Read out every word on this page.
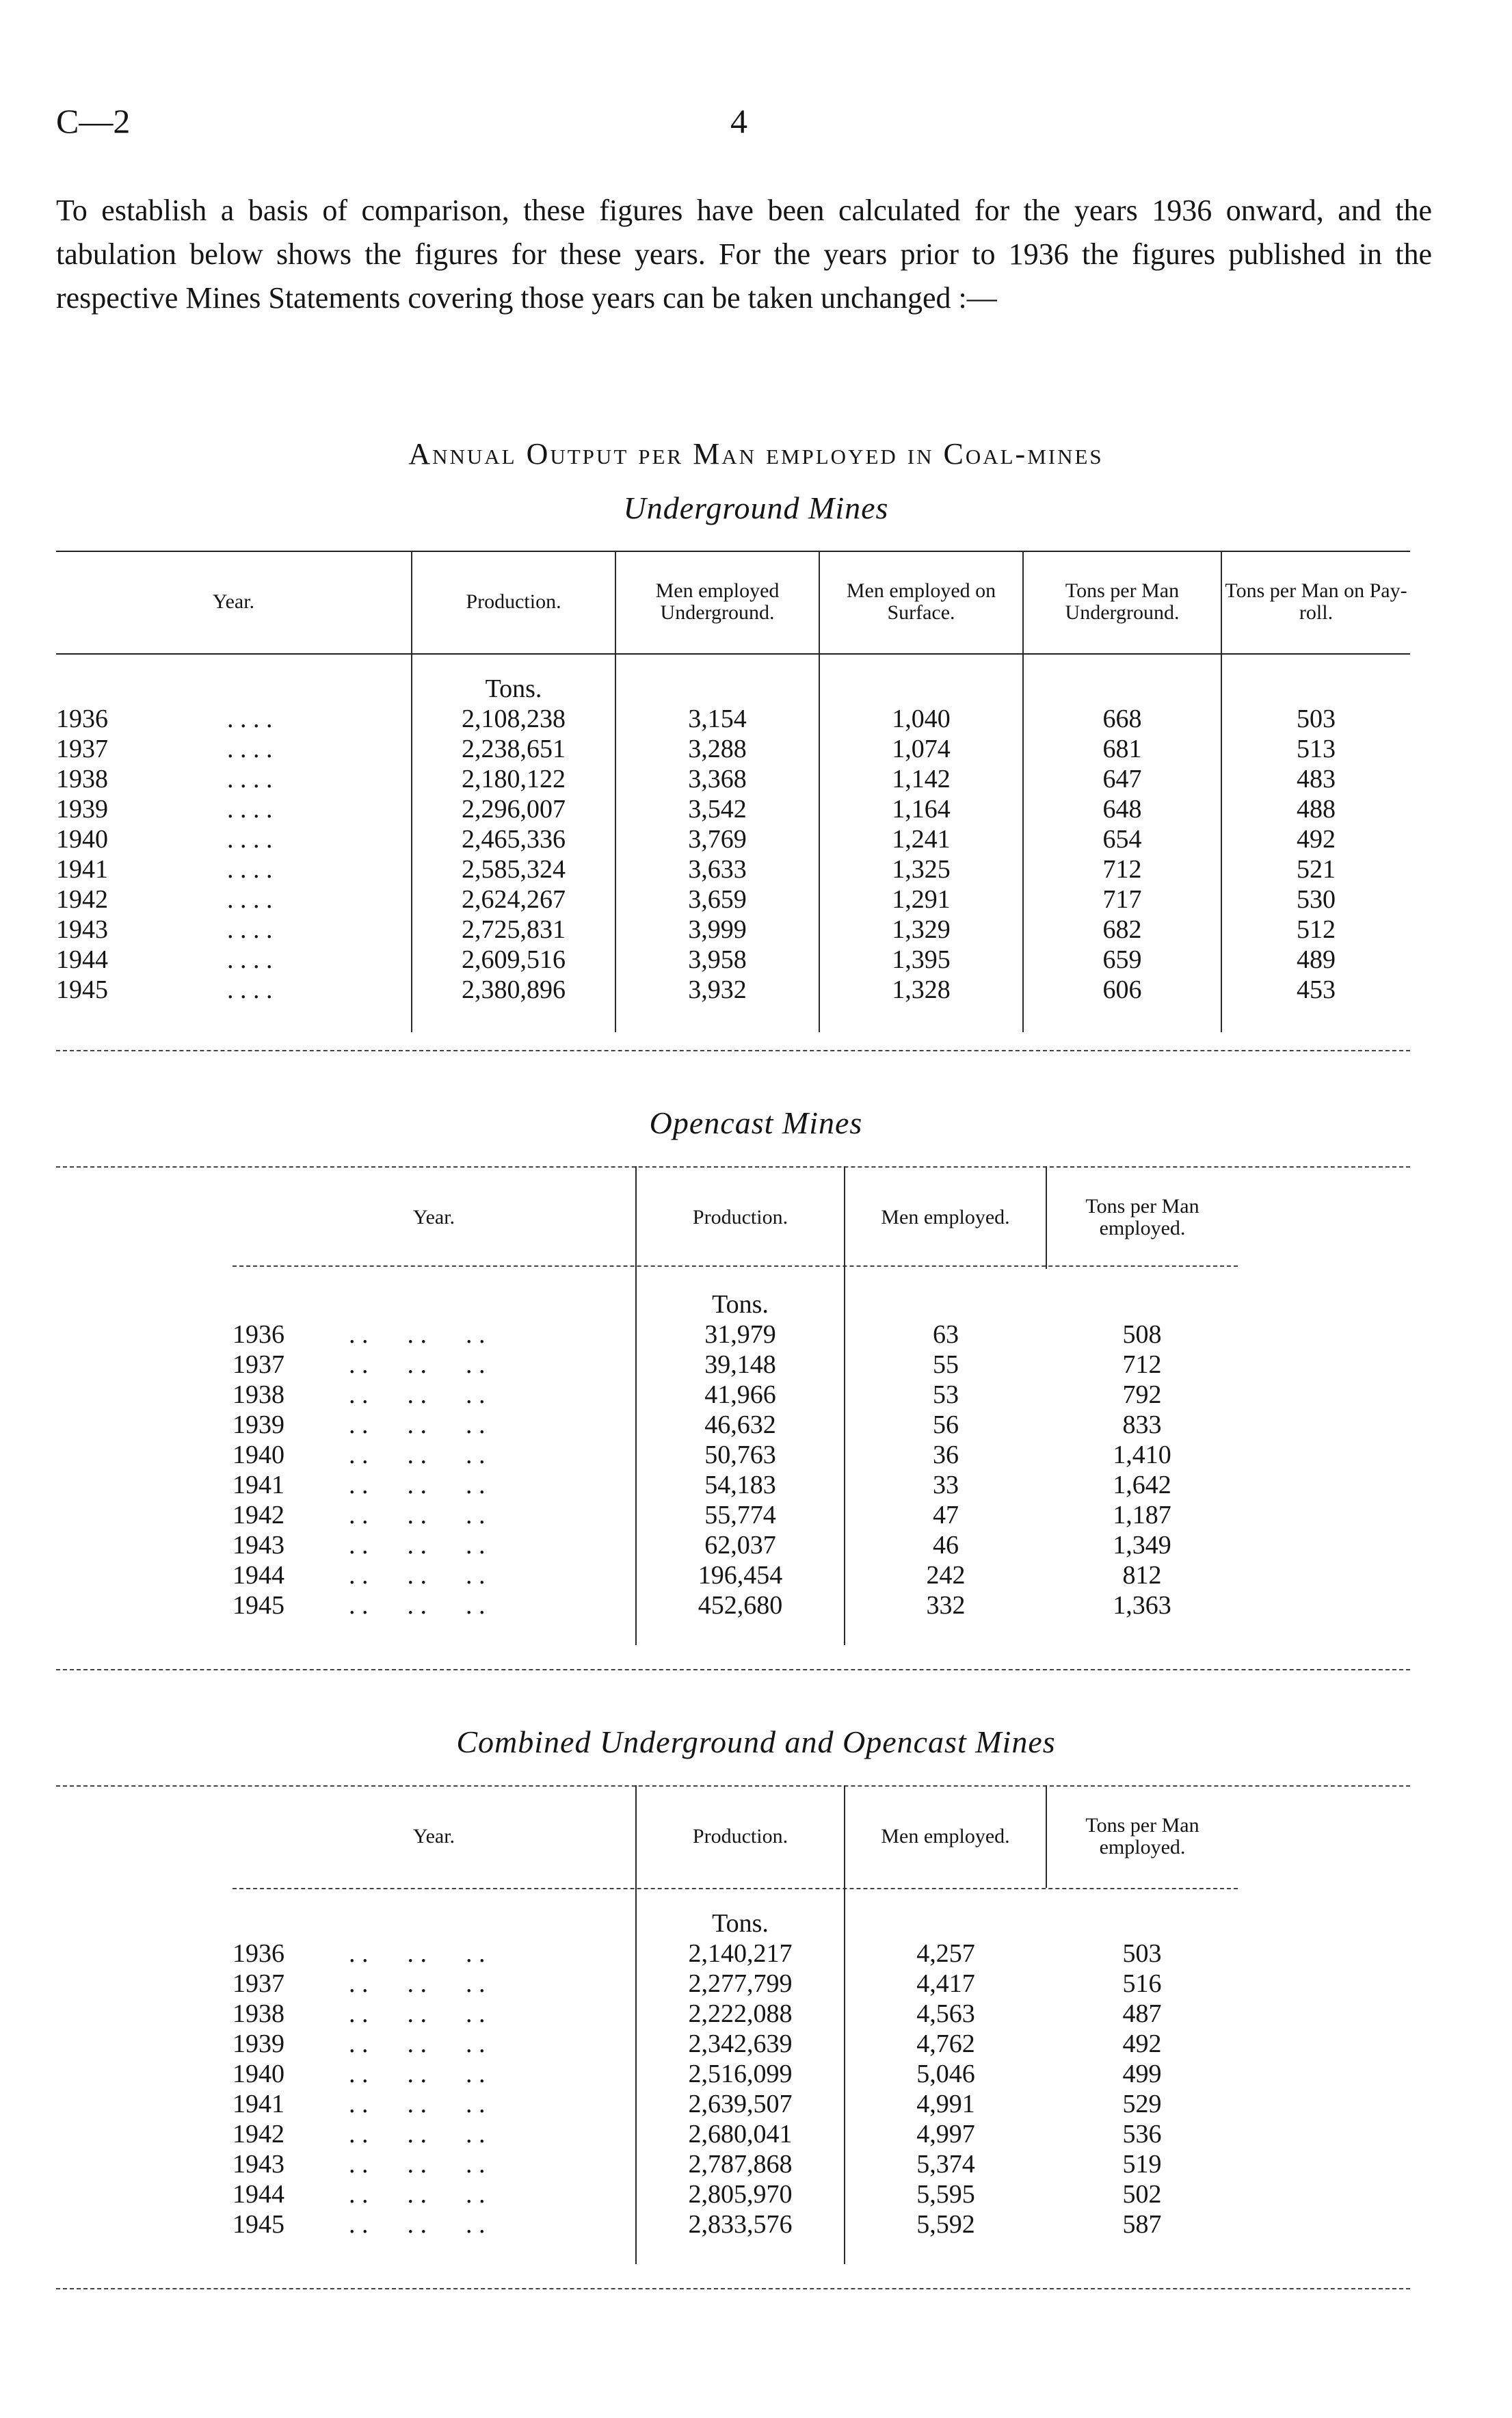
C—2	4
To establish a basis of comparison, these figures have been calculated for the years 1936 onward, and the tabulation below shows the figures for these years. For the years prior to 1936 the figures published in the respective Mines Statements covering those years can be taken unchanged :—
Annual Output per Man employed in Coal-mines
Underground Mines
Year.	Production.	Men employed Underground.	Men employed on Surface.	Tons per Man Underground.	Tons per Man on Pay-roll.
	Tons.				
1936 . . . .	2,108,238	3,154	1,040	668	503
1937 . . . .	2,238,651	3,288	1,074	681	513
1938 . . . .	2,180,122	3,368	1,142	647	483
1939 . . . .	2,296,007	3,542	1,164	648	488
1940 . . . .	2,465,336	3,769	1,241	654	492
1941 . . . .	2,585,324	3,633	1,325	712	521
1942 . . . .	2,624,267	3,659	1,291	717	530
1943 . . . .	2,725,831	3,999	1,329	682	512
1944 . . . .	2,609,516	3,958	1,395	659	489
1945 . . . .	2,380,896	3,932	1,328	606	453

Opencast Mines
Year.	Production.	Men employed.	Tons per Man employed.
	Tons.		
1936 . .      . .      . .	31,979	63	508
1937 . .      . .      . .	39,148	55	712
1938 . .      . .      . .	41,966	53	792
1939 . .      . .      . .	46,632	56	833
1940 . .      . .      . .	50,763	36	1,410
1941 . .      . .      . .	54,183	33	1,642
1942 . .      . .      . .	55,774	47	1,187
1943 . .      . .      . .	62,037	46	1,349
1944 . .      . .      . .	196,454	242	812
1945 . .      . .      . .	452,680	332	1,363

Combined Underground and Opencast Mines
Year.	Production.	Men employed.	Tons per Man employed.
	Tons.		
1936 . .      . .      . .	2,140,217	4,257	503
1937 . .      . .      . .	2,277,799	4,417	516
1938 . .      . .      . .	2,222,088	4,563	487
1939 . .      . .      . .	2,342,639	4,762	492
1940 . .      . .      . .	2,516,099	5,046	499
1941 . .      . .      . .	2,639,507	4,991	529
1942 . .      . .      . .	2,680,041	4,997	536
1943 . .      . .      . .	2,787,868	5,374	519
1944 . .      . .      . .	2,805,970	5,595	502
1945 . .      . .      . .	2,833,576	5,592	587
